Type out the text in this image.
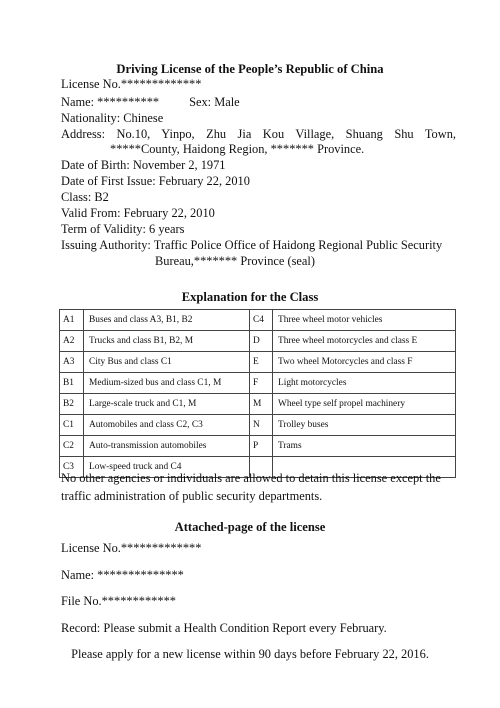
Driving License of the People’s Republic of China
License No.*************
Name: ********** Sex: Male
Nationality: Chinese
Address: No.10, Yinpo, Zhu Jia Kou Village, Shuang Shu Town,
*****County, Haidong Region, ******* Province.
Date of Birth: November 2, 1971
Date of First Issue: February 22, 2010
Class: B2
Valid From: February 22, 2010
Term of Validity: 6 years
Issuing Authority: Traffic Police Office of Haidong Regional Public Security
Bureau,******* Province (seal)
Explanation for the Class
A1	Buses and class A3, B1, B2	C4	Three wheel motor vehicles
A2	Trucks and class B1, B2, M	D	Three wheel motorcycles and class E
A3	City Bus and class C1	E	Two wheel Motorcycles and class F
B1	Medium-sized bus and class C1, M	F	Light motorcycles
B2	Large-scale truck and C1, M	M	Wheel type self propel machinery
C1	Automobiles and class C2, C3	N	Trolley buses
C2	Auto-transmission automobiles	P	Trams
C3	Low-speed truck and C4		
No other agencies or individuals are allowed to detain this license except the traffic administration of public security departments.
Attached-page of the license
License No.*************
Name: **************
File No.************
Record: Please submit a Health Condition Report every February.
Please apply for a new license within 90 days before February 22, 2016.
